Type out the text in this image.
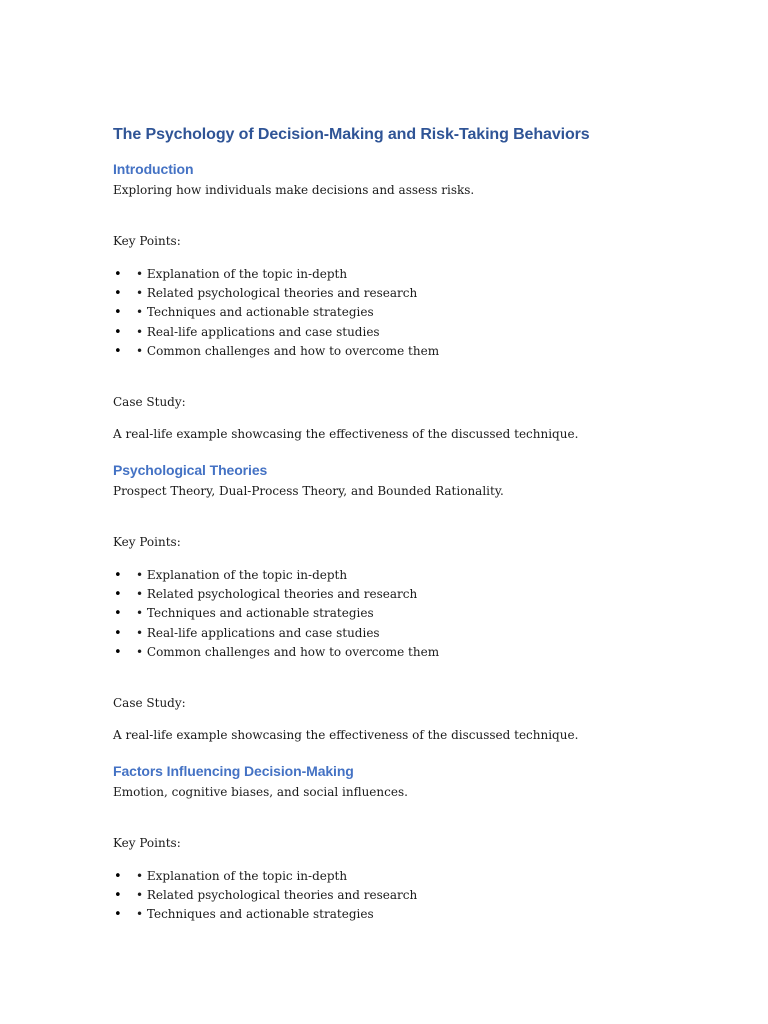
The Psychology of Decision-Making and Risk-Taking Behaviors
Introduction

Exploring how individuals make decisions and assess risks.

Key Points:

• • Explanation of the topic in-depth
• • Related psychological theories and research
• • Techniques and actionable strategies
• • Real-life applications and case studies
• • Common challenges and how to overcome them

Case Study:

A real-life example showcasing the effectiveness of the discussed technique.

Psychological Theories

Prospect Theory, Dual-Process Theory, and Bounded Rationality.

Key Points:

• • Explanation of the topic in-depth
• • Related psychological theories and research
• • Techniques and actionable strategies
• • Real-life applications and case studies
• • Common challenges and how to overcome them

Case Study:

A real-life example showcasing the effectiveness of the discussed technique.

Factors Influencing Decision-Making

Emotion, cognitive biases, and social influences.

Key Points:

• • Explanation of the topic in-depth
• • Related psychological theories and research
• • Techniques and actionable strategies
